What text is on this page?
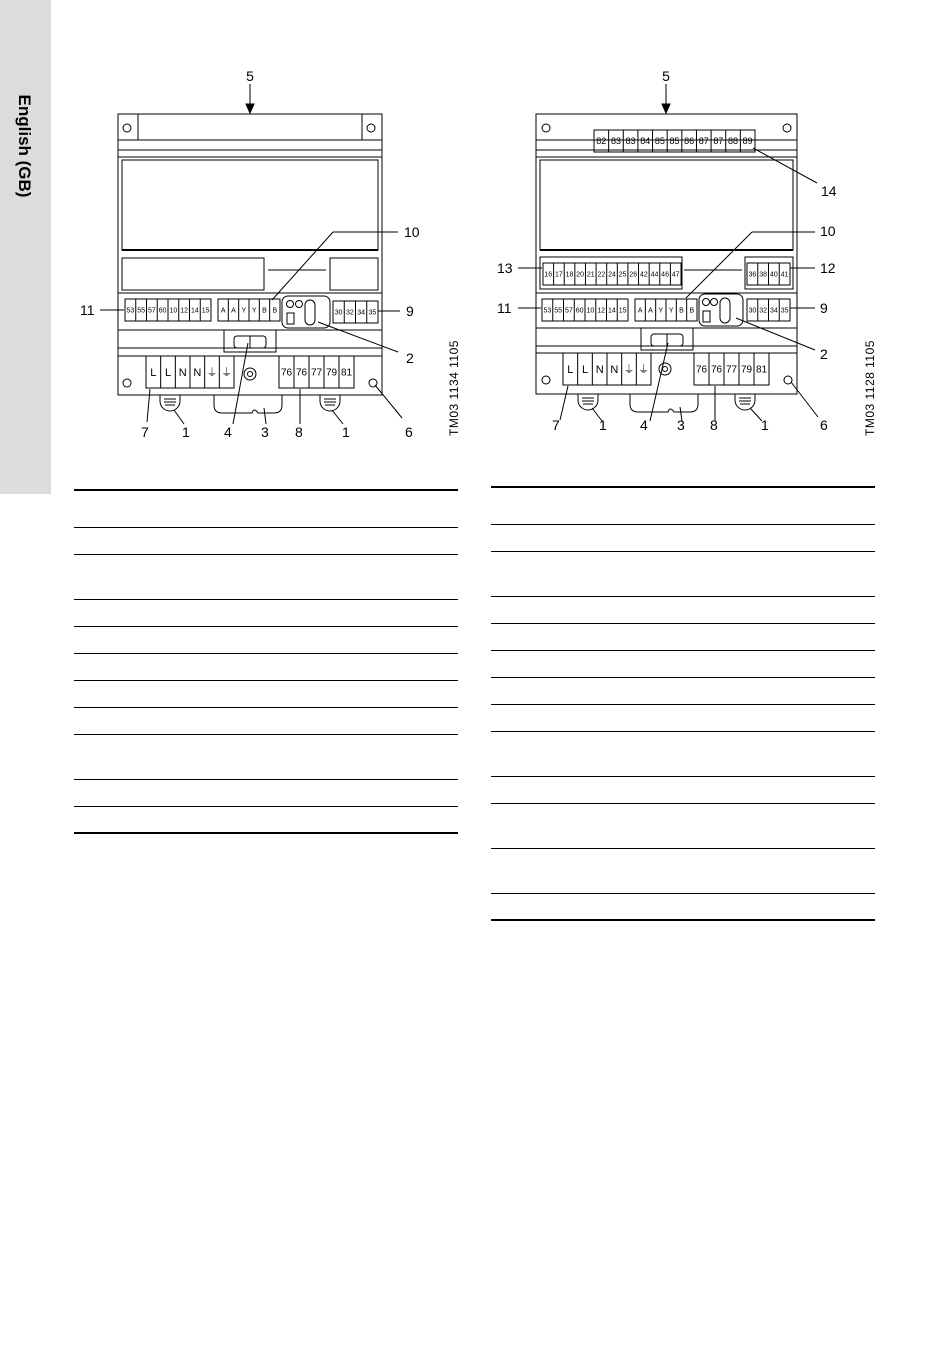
English (GB)
53 55 57 60 10 12 14 15 A A Y Y B B	30 32 34 35
L L N N ⏚ ⏚	76 76 77 79 81
5
11
10
9
2
7 1 4 3 8	1	6	TM03 1134 1105
82 83 83 84 85 85 86 87 87 88 89
16 17 18 20 21 22 24 25 26 42 44 46 47	36 38 40 41
53 55 57 60 10 12 14 15 A A Y Y B B	30 32 34 35
L L N N ⏚ ⏚	76 76 77 79 81
5
14
10
13	12
11	9
2
7	1 4 3 8	1	6	TM03 1128 1105
